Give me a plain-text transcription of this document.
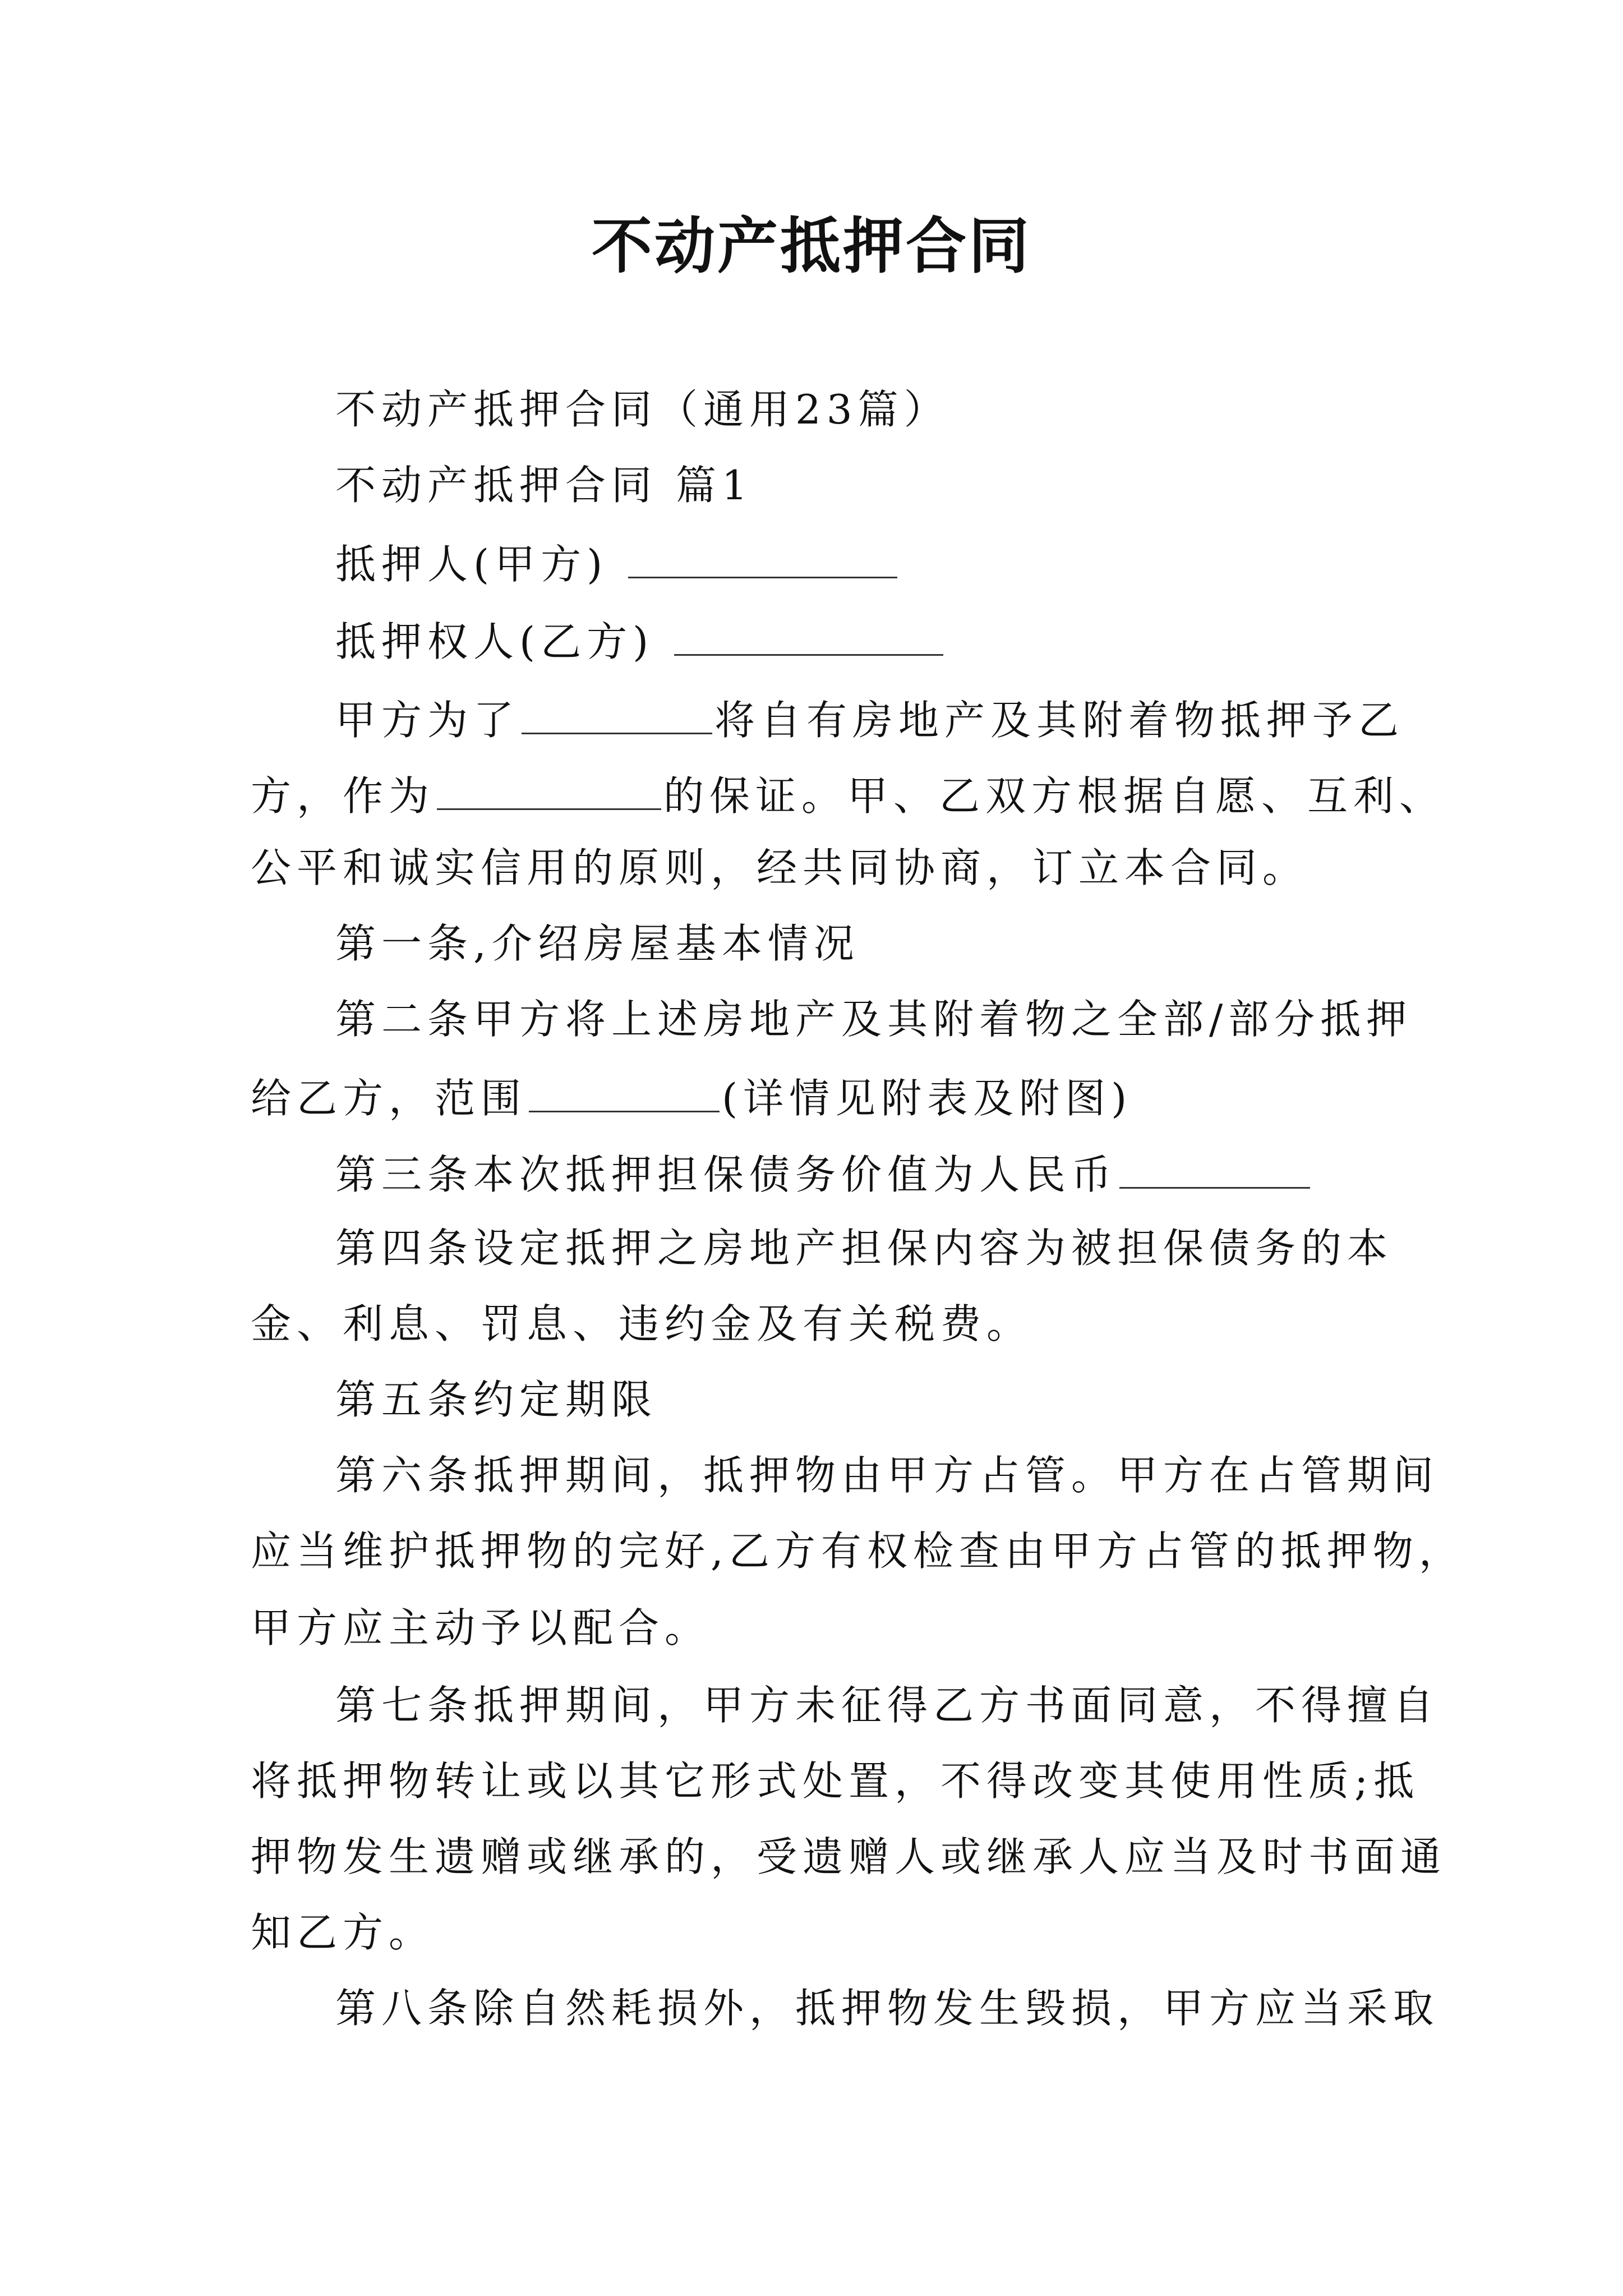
不动产抵押合同
不动产抵押合同（通用23篇）
不动产抵押合同 篇1
抵押人(甲方)
抵押权人(乙方)
甲方为了	将自有房地产及其附着物抵押予乙
方，作为	的保证。甲、乙双方根据自愿、互利、
公平和诚实信用的原则，经共同协商，订立本合同。
第一条,介绍房屋基本情况
第二条甲方将上述房地产及其附着物之全部/部分抵押
给乙方，范围	(详情见附表及附图)
第三条本次抵押担保债务价值为人民币
第四条设定抵押之房地产担保内容为被担保债务的本
金、利息、罚息、违约金及有关税费。
第五条约定期限
第六条抵押期间，抵押物由甲方占管。甲方在占管期间
应当维护抵押物的完好,乙方有权检查由甲方占管的抵押物，
甲方应主动予以配合。
第七条抵押期间，甲方未征得乙方书面同意，不得擅自
将抵押物转让或以其它形式处置，不得改变其使用性质;抵
押物发生遗赠或继承的，受遗赠人或继承人应当及时书面通
知乙方。
第八条除自然耗损外，抵押物发生毁损，甲方应当采取
